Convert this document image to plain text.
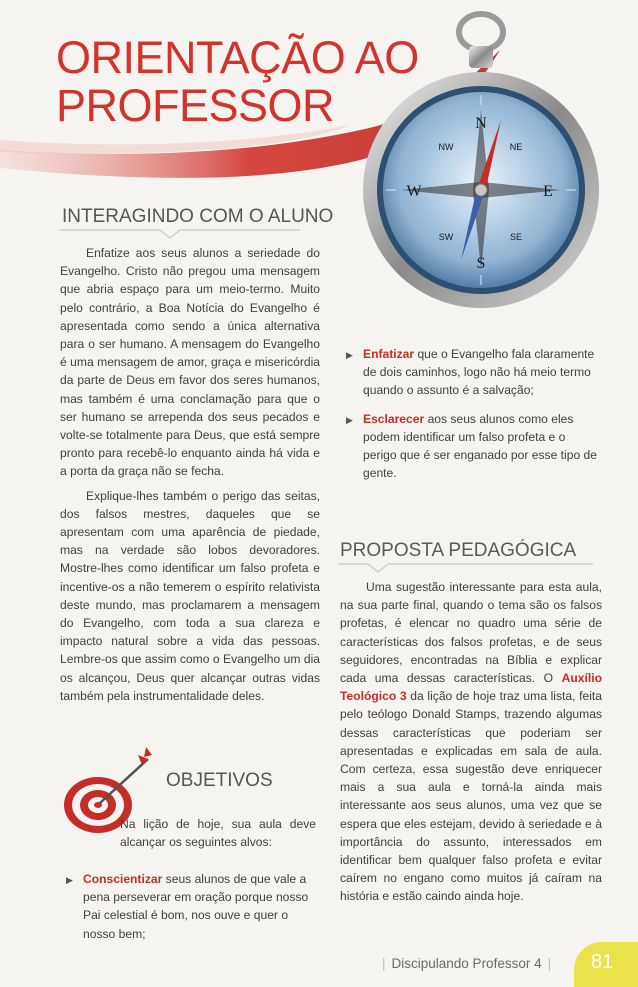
ORIENTAÇÃO AO
PROFESSOR	N
S
W	E
NE
NW
SE
SW
INTERAGINDO COM O ALUNO

Enfatize aos seus alunos a seriedade do Evangelho. Cristo não pregou uma mensagem que abria espaço para um meio-termo. Muito pelo contrário, a Boa Notícia do Evangelho é apresentada como sendo a única alternativa para o ser humano. A mensagem do Evangelho é uma mensagem de amor, graça e misericórdia da parte de Deus em favor dos seres humanos, mas também é uma conclamação para que o ser humano se arrependa dos seus pecados e volte-se totalmente para Deus, que está sempre pronto para recebê-lo enquanto ainda há vida e a porta da graça não se fecha.

Explique-lhes também o perigo das seitas, dos falsos mestres, daqueles que se apresentam com uma aparência de piedade, mas na verdade são lobos devoradores. Mostre-lhes como identificar um falso profeta e incentive-os a não temerem o espírito relativista deste mundo, mas proclamarem a mensagem do Evangelho, com toda a sua clareza e impacto natural sobre a vida das pessoas. Lembre-os que assim como o Evangelho um dia os alcançou, Deus quer alcançar outras vidas também pela instrumentalidade deles.

OBJETIVOS
Na lição de hoje, sua aula deve alcançar os seguintes alvos:
▶ Conscientizar seus alunos de que vale a pena perseverar em oração porque nosso Pai celestial é bom, nos ouve e quer o nosso bem;
▶ Enfatizar que o Evangelho fala claramente de dois caminhos, logo não há meio termo quando o assunto é a salvação;
▶ Esclarecer aos seus alunos como eles podem identificar um falso profeta e o perigo que é ser enganado por esse tipo de gente.
PROPOSTA PEDAGÓGICA

Uma sugestão interessante para esta aula, na sua parte final, quando o tema são os falsos profetas, é elencar no quadro uma série de características dos falsos profetas, e de seus seguidores, encontradas na Bíblia e explicar cada uma dessas características. O Auxílio Teológico 3 da lição de hoje traz uma lista, feita pelo teólogo Donald Stamps, trazendo algumas dessas características que poderiam ser apresentadas e explicadas em sala de aula. Com certeza, essa sugestão deve enriquecer mais a sua aula e torná-la ainda mais interessante aos seus alunos, uma vez que se espera que eles estejam, devido à seriedade e à importância do assunto, interessados em identificar bem qualquer falso profeta e evitar caírem no engano como muitos já caíram na história e estão caindo ainda hoje.

| Discipulando Professor 4 |	81
